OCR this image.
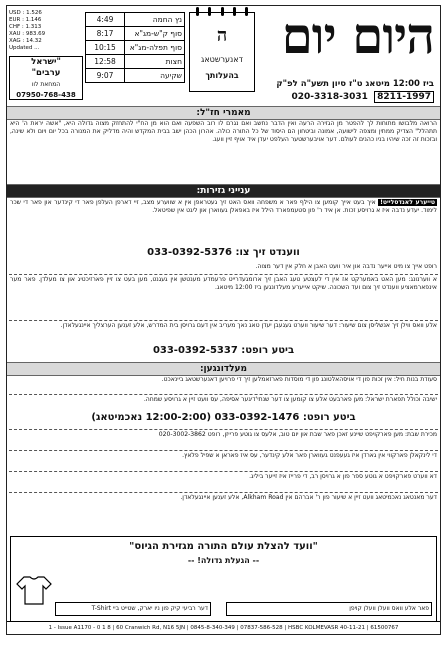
היום יום
ביז 12:00 מיטאג ט"ז סיון תשע"ה לפ"ק
8211-1997  020-3318-3031
ה
דאנערשטאג
בהעלותך
נץ החמה	4:49
סוף ק"ש-מג"א	8:17
סוף תפלה-מג"א	10:15
חצות	12:58
שקיעה	9:07
USD : 1.526
EUR : 1.146
CHF : 1.313
XAU : 983.69
XAG : 14.32
Updated ...
"ישראל
ערבים"
המחאת לוו
07950-768-438
מאמרי חז"ל:
הרואה מלבושו מתוחות לך להפטר מן הגזירה הרעה ואין הדבר נחשב ואם נגרם לו רוב השפעה ואם הוא מן הח"י להתחזק מצוה גדולה היא, "אשה יראת ה' היא תתהלל" הצדיק ממתין ומצפה לישועה, אמונה וביטחון הם היסוד של כל התורה כולה. אהרון הכהן ישב בבית המקדש והיה מדליק את המנורה בכל יום ויום ולא שינה, ובזכות זה זכה שיהיו בניו כהנים לעולם. דער אויבערשטער העלפט יעדן איד אויף זיין וועג.
ענייני גזירות:
טייערע לאנדסלייט! איך בעט אייך קומען צו הילף פאר א משפחה וואס האט זיך געטראפן אין א שווערע מצב, זיי דארפן העלפן פאר די קינדער און פאר די שכר לימוד. יעדע נדבה איז א גרויסע זכות. אן איד ר' פון סטעמפארד הילל איז באפאלן געווארן און ליגט אין שפיטאל.
ווענדט זיך צו: 033-0392-5376
רופט אייך צו מיט אייער נדבה און איר וועט האבן א חלק אין דער מצוה.
א ווערנונג: מען האט באמערקט אז אין די לעצטע טעג האבן זיך ארומגעדרייט פרעמדע מענטשן אין געגנט, מען בעט צו זיין פארזיכטיג און צו מעלדן. פאר מער אינפארמאציע ווענדט זיך צום ועד השכונה. שיקט אייערע מעלדונגען ביז 12:00 מיטאג.
אלע וואס ווילן זיך אנשליסן צום שיעור: דער שיעור ווערט געגעבן יעדן טאג נאך מעריב אין דעם גרויסן בית המדרש, אלע זענען הערצליך איינגעלאדן.
ביטע רופט: 033-0392-5337
מעלדונגען:
סעודת בנות חיל: אין זכות פון די אויסהאלטונג פון די מוסדות פארזאמלען זיך די פרויען דאנערשטאג ביינאכט.
ישיבה וכולל תפארת ישראל: מען פארבעט אלע צו קומען צו דער שנתי'דיגער אסיפה, עס וועט זיין א גרויסע שמחה.
ביטע רופט: 033-0392-1476 (12:00-2:00 נאכמיטאג)
מכירת שבת: מען פארקויפט שיינע זאכן פאר שבת און יום טוב, אלעס צו גוטע פרייזן, רופט 020-3002-3862
די לינקאלן פארקווי אין גארדן איז געעפנט געווארן פאר אלע קינדער, עס איז פאראן א שפיל פלאץ.
דא ווערט פארקויפט א גוטע ספר פון א גרויסן רב, די פרייז איז זייער ביליג.
דער מאנטאג נאכמיטאג וועט זיין א שיעור פון ר' אברהם אין Alkham Road, אלע זענען איינגעלאדן.
"וועד להצלת עולם התורה מגזירת הגיוס"
-- הגעלת גדולה! --
דער רביעי קיק פון ניו יארק, שטייט ביי T-Shirt	פאר אלע וואס וועלן וועלן קויפן
1 - Issue A1170 - 0 1 8 | 60 Cranwich Rd, N16 5JN | 0845-8-340-349 | 07837-586-528 | HSBC KOLMEVASR 40-11-21 | 61500767
